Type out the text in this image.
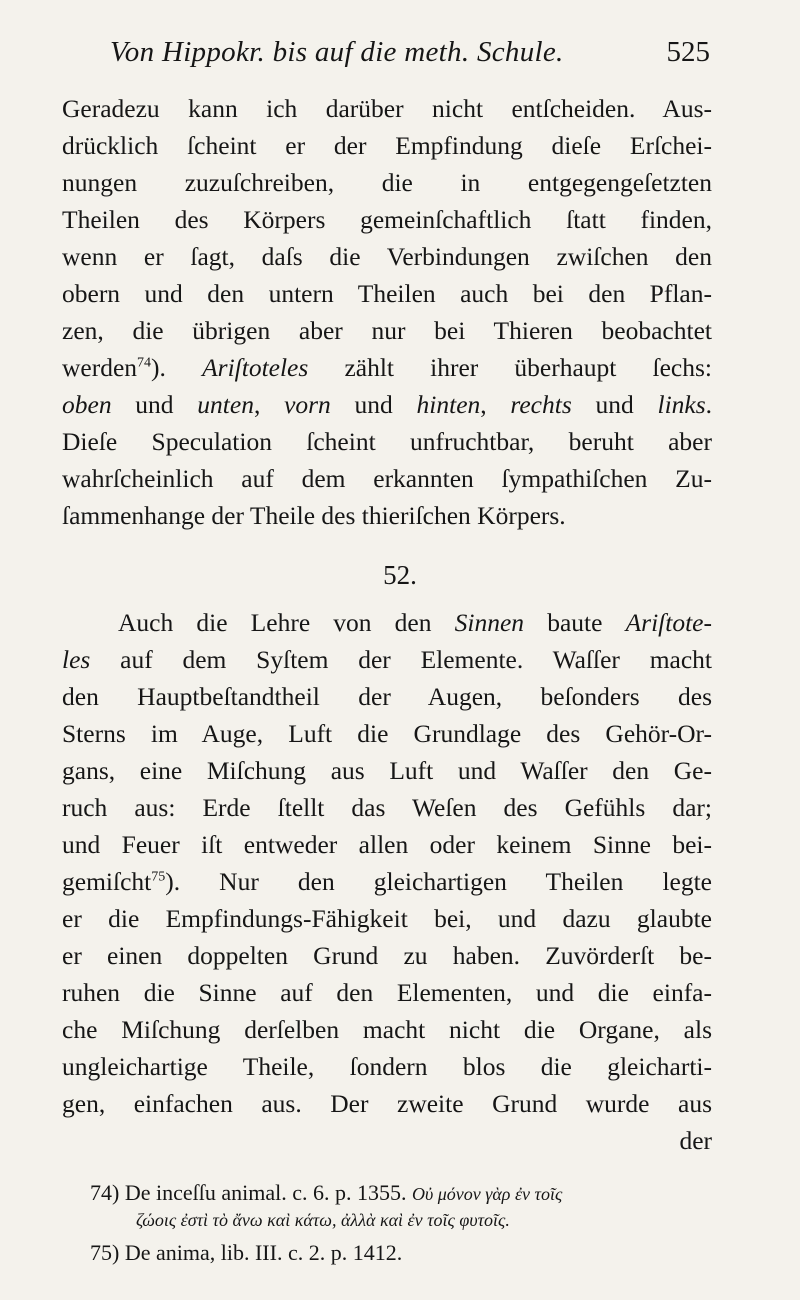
Von Hippokr. bis auf die meth. Schule.	525
Geradezu kann ich darüber nicht entſcheiden. Aus-
drücklich ſcheint er der Empfindung dieſe Erſchei-
nungen zuzuſchreiben, die in entgegengeſetzten
Theilen des Körpers gemeinſchaftlich ſtatt finden,
wenn er ſagt, daſs die Verbindungen zwiſchen den
obern und den untern Theilen auch bei den Pflan-
zen, die übrigen aber nur bei Thieren beobachtet
werden$^{74}$). Ariſtoteles zählt ihrer überhaupt ſechs:
oben und unten, vorn und hinten, rechts und links.
Dieſe Speculation ſcheint unfruchtbar, beruht aber
wahrſcheinlich auf dem erkannten ſympathiſchen Zu-
ſammenhange der Theile des thieriſchen Körpers.
52.
Auch die Lehre von den Sinnen baute Ariſtote-
les auf dem Syſtem der Elemente. Waſſer macht
den Hauptbeſtandtheil der Augen, beſonders des
Sterns im Auge, Luft die Grundlage des Gehör-Or-
gans, eine Miſchung aus Luft und Waſſer den Ge-
ruch aus: Erde ſtellt das Weſen des Gefühls dar;
und Feuer iſt entweder allen oder keinem Sinne bei-
gemiſcht$^{75}$). Nur den gleichartigen Theilen legte
er die Empfindungs-Fähigkeit bei, und dazu glaubte
er einen doppelten Grund zu haben. Zuvörderſt be-
ruhen die Sinne auf den Elementen, und die einfa-
che Miſchung derſelben macht nicht die Organe, als
ungleichartige Theile, ſondern blos die gleicharti-
gen, einfachen aus. Der zweite Grund wurde aus
der
74) De inceſſu animal. c. 6. p. 1355. Οὐ μόνον γὰρ ἐν τοῖς
ζώοις ἐστὶ τὸ ἄνω καὶ κάτω, ἀλλὰ καὶ ἐν τοῖς φυτοῖς.
75) De anima, lib. III. c. 2. p. 1412.
